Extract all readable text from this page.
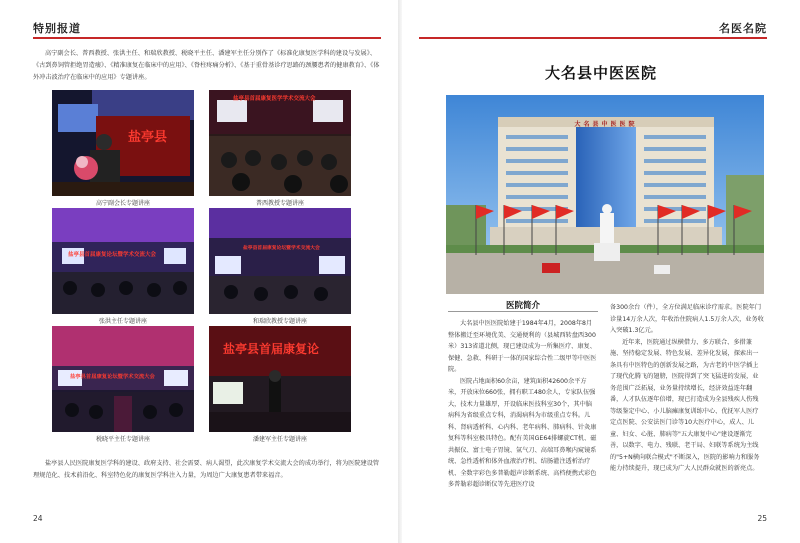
特别报道

高宁副会长、普西教授、张洪主任、和瑞欣教授、税晓平主任、潘建军主任分别作了《标准化康复医学科的建设与发展》、《古到鼻饲管拒绝胃造瘘》、《精准康复在临床中的应用》、《脊柱疼痛分析》、《基于重骨基诊疗思路的颈腰患者的健康教育》、《体外冲击波治疗在临床中的应用》专题讲座。

盐亭县
高宁副会长专题讲座
盐亭县首届康复医学学术交流大会
普西教授专题讲座
盐亭县首届康复论坛暨学术交流大会
张洪主任专题讲座
盐亭县首届康复论坛暨学术交流大会
和瑞欣教授专题讲座
盐亭县首届康复论坛暨学术交流大会
税晓平主任专题讲座
盐亭县首届康复论
潘建军主任专题讲座

盐亭县人民医院康复医学科的建设、政府支持、社会需要、病人渴望，此次康复学术交流大会的成功举行，将为医院建设管理规范化、技术前沿化、科室特色化的康复医学科注入力量，为周边广大康复患者带来福音。

24
名医名院
大名县中医医院
大名县中医医院
医院简介

大名县中医医院始建于1984年4月，2008年8月整体搬迁至环境优美、交通便利的（县城西转盘西300米）313省道北侧，现已建设成为一所集医疗、康复、保健、急救、科研于一体的国家综合性二级甲等中医医院。

医院占地面积60余亩，建筑面积42600余平方米，开放床位660张，拥有职工480余人，专家队伍强大，技术力量雄厚，开设临床医技科室30个，其中脑病科为省级重点专科，消渴病科为市级重点专科。儿科、肾病透析科、心内科、老年病科、肺病科、针灸康复科等科室极具特色。配有美国GE64排螺旋CT机、磁共振仪、富士电子胃镜、氩气刀、高端耳鼻喉内窥镜系统、急性透析和体外血液治疗机、结肠灌注透析治疗机、全数字彩色多普勒超声诊断系统、高档便携式彩色多普勒彩超诊断仪等先进医疗设

备300余台（件），全方位满足临床诊疗需求。医院年门诊量14万余人次，年收治住院病人1.5万余人次，业务收入突破1.3亿元。

近年来，医院通过纵横借力、多方联合、多措兼施、坚持稳定发展、特色发展、差异化发展，探索出一条具有中医特色的创新发展之路，为古老的中医学插上了现代化腾飞的翅膀，医院得到了突飞猛进的发展，业务范围广泛拓展，业务量持续增长，经济效益连年翻番，人才队伍逐年倍增，现已打造成为全县残疾人伤残等级鉴定中心、小儿脑瘫康复训练中心、优抚军人医疗定点医院、公安法医门诊等10大医疗中心，成人、儿童、妇女、心脏、肺病等"五大康复中心"建设逐渐完善，以数字、电力、残联、老干局、妇联等系统为主线的"5+N横向联合模式"不断深入，医院的影响力和服务能力持续提升，现已成为广大人民群众就医的新亮点。

25
